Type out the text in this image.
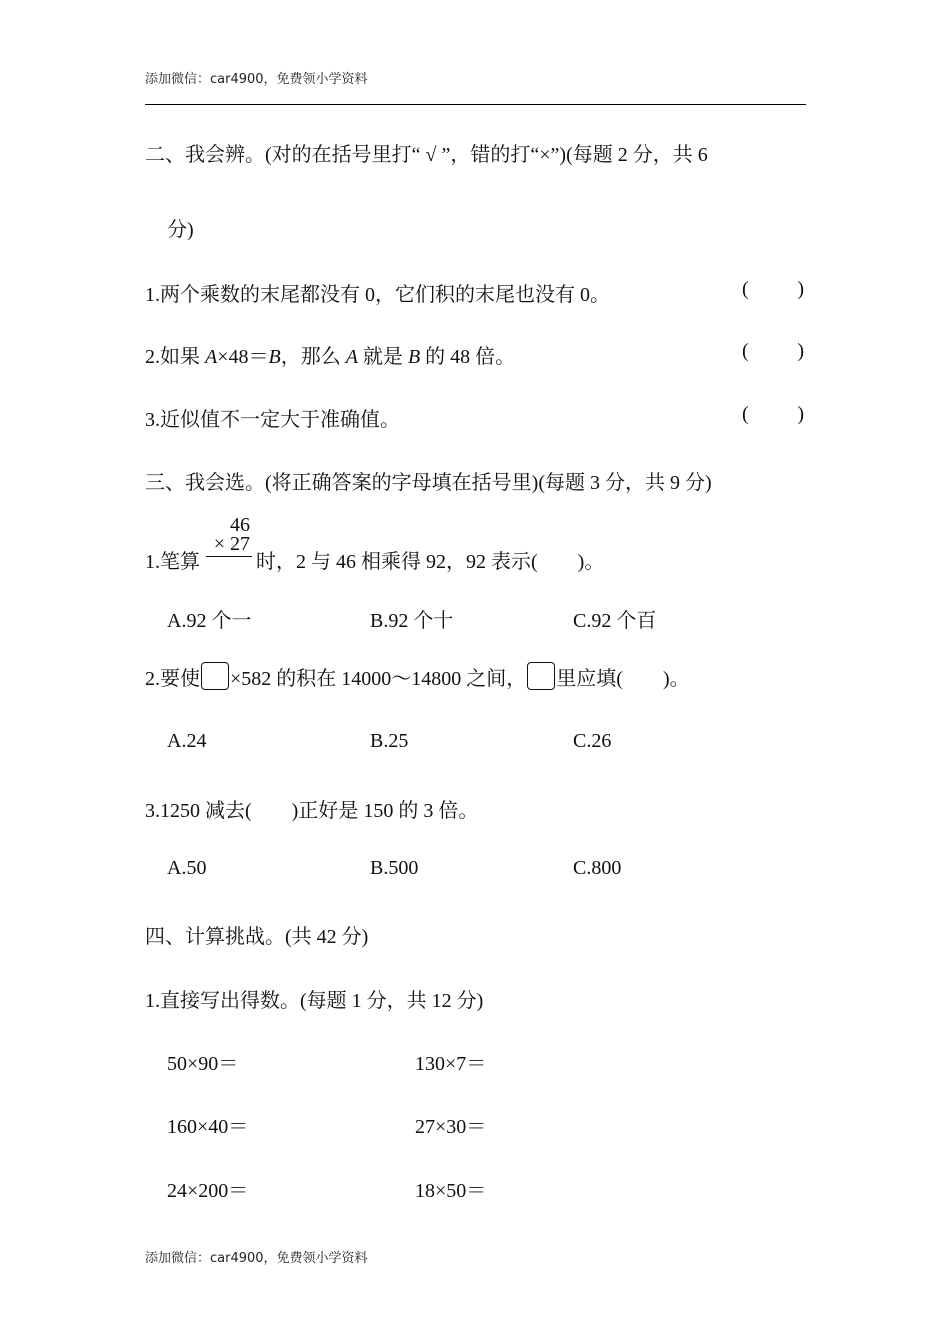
添加微信：car4900，免费领小学资料
二、我会辨。(对的在括号里打“ √ ”，错的打“×”)(每题 2 分，共 6
分)
1.两个乘数的末尾都没有 0，它们积的末尾也没有 0。	( )
2.如果 A×48＝B，那么 A 就是 B 的 48 倍。	( )
3.近似值不一定大于准确值。	( )
三、我会选。(将正确答案的字母填在括号里)(每题 3 分，共 9 分)
1.笔算
46
× 27
时，2 与 46 相乘得 92，92 表示(　　)。
A.92 个一	B.92 个十	C.92 个百
2.要使 ×582 的积在 14000～14800 之间， 里应填(　　)。
A.24	B.25	C.26
3.1250 减去(　　)正好是 150 的 3 倍。
A.50	B.500	C.800
四、计算挑战。(共 42 分)
1.直接写出得数。(每题 1 分，共 12 分)
50×90＝	130×7＝
160×40＝	27×30＝
24×200＝	18×50＝
添加微信：car4900，免费领小学资料
